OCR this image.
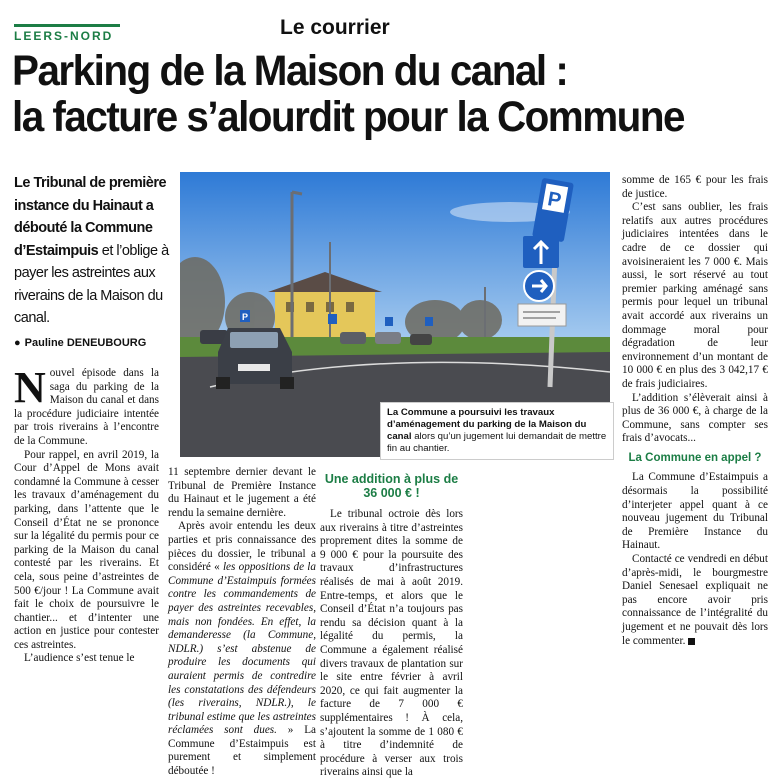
LEERS-NORD	Le courrier
Parking de la Maison du canal :
la facture s’alourdit pour la Commune
Le Tribunal de première instance du Hainaut a débouté la Commune d’Estaimpuis et l’oblige à payer les astreintes aux riverains de la Maison du canal.
● Pauline DENEUBOURG
P
P
La Commune a poursuivi les travaux d’aménagement du parking de la Maison du canal alors qu’un jugement lui demandait de mettre fin au chantier.

Nouvel épisode dans la saga du parking de la Maison du canal et dans la procédure judiciaire intentée par trois riverains à l’encontre de la Commune.

Pour rappel, en avril 2019, la Cour d’Appel de Mons avait condamné la Commune à cesser les travaux d’aménagement du parking, dans l’attente que le Conseil d’État ne se prononce sur la légalité du permis pour ce parking de la Maison du canal contesté par les riverains. Et cela, sous peine d’astreintes de 500 €/jour ! La Commune avait fait le choix de poursuivre le chantier... et d’intenter une action en justice pour contester ces astreintes.

L’audience s’est tenue le

11 septembre dernier devant le Tribunal de Première Instance du Hainaut et le jugement a été rendu la semaine dernière.

Après avoir entendu les deux parties et pris connaissance des pièces du dossier, le tribunal a considéré « les oppositions de la Commune d’Estaimpuis formées contre les commandements de payer des astreintes recevables, mais non fondées. En effet, la demanderesse (la Commune, NDLR.) s’est abstenue de produire les documents qui auraient permis de contredire les constatations des défendeurs (les riverains, NDLR.), le tribunal estime que les astreintes réclamées sont dues. » La Commune d’Estaimpuis est purement et simplement déboutée !

Une addition à plus de
36 000 € !

Le tribunal octroie dès lors aux riverains à titre d’astreintes proprement dites la somme de 9 000 € pour la poursuite des travaux d’infrastructures réalisés de mai à août 2019. Entre-temps, et alors que le Conseil d’État n’a toujours pas rendu sa décision quant à la légalité du permis, la Commune a également réalisé divers travaux de plantation sur le site entre février à avril 2020, ce qui fait augmenter la facture de 7 000 € supplémentaires ! À cela, s’ajoutent la somme de 1 080 € à titre d’indemnité de procédure à verser aux trois riverains ainsi que la

somme de 165 € pour les frais de justice.

C’est sans oublier, les frais relatifs aux autres procédures judiciaires intentées dans le cadre de ce dossier qui avoisineraient les 7 000 €. Mais aussi, le sort réservé au tout premier parking aménagé sans permis pour lequel un tribunal avait accordé aux riverains un dommage moral pour dégradation de leur environnement d’un montant de 10 000 € en plus des 3 042,17 € de frais judiciaires.

L’addition s’élèverait ainsi à plus de 36 000 €, à charge de la Commune, sans compter ses frais d’avocats...

La Commune en appel ?

La Commune d’Estaimpuis a désormais la possibilité d’interjeter appel quant à ce nouveau jugement du Tribunal de Première Instance du Hainaut.

Contacté ce vendredi en début d’après-midi, le bourgmestre Daniel Senesael expliquait ne pas encore avoir pris connaissance de l’intégralité du jugement et ne pouvait dès lors le commenter.
